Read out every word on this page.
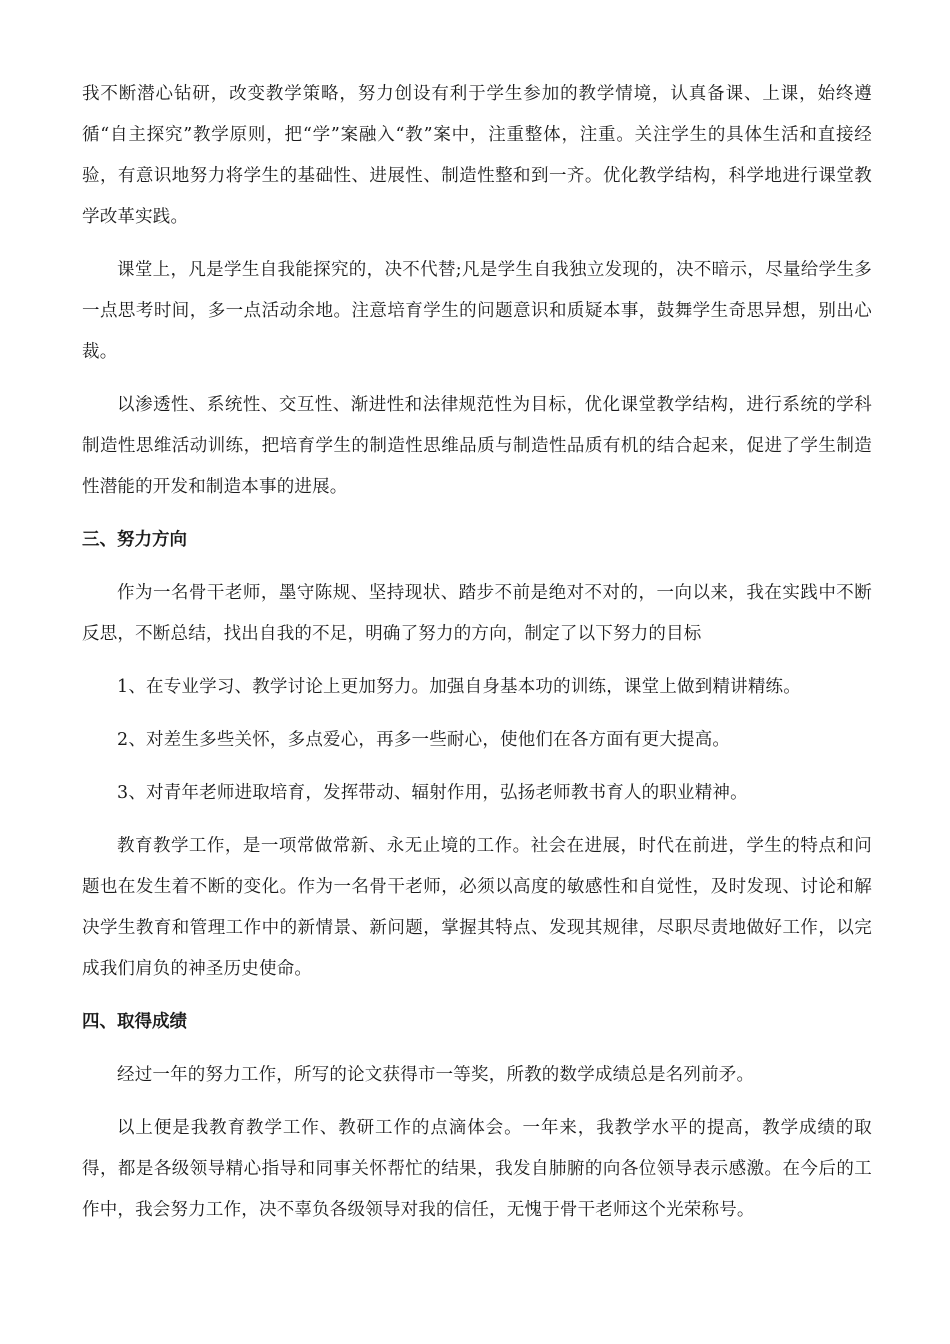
我不断潜心钻研，改变教学策略，努力创设有利于学生参加的教学情境，认真备课、上课，始终遵循“自主探究”教学原则，把“学”案融入“教”案中，注重整体，注重。关注学生的具体生活和直接经验，有意识地努力将学生的基础性、进展性、制造性整和到一齐。优化教学结构，科学地进行课堂教学改革实践。

课堂上，凡是学生自我能探究的，决不代替;凡是学生自我独立发现的，决不暗示，尽量给学生多一点思考时间，多一点活动余地。注意培育学生的问题意识和质疑本事，鼓舞学生奇思异想，别出心裁。

以渗透性、系统性、交互性、渐进性和法律规范性为目标，优化课堂教学结构，进行系统的学科制造性思维活动训练，把培育学生的制造性思维品质与制造性品质有机的结合起来，促进了学生制造性潜能的开发和制造本事的进展。

三、努力方向

作为一名骨干老师，墨守陈规、坚持现状、踏步不前是绝对不对的，一向以来，我在实践中不断反思，不断总结，找出自我的不足，明确了努力的方向，制定了以下努力的目标

1、在专业学习、教学讨论上更加努力。加强自身基本功的训练，课堂上做到精讲精练。

2、对差生多些关怀，多点爱心，再多一些耐心，使他们在各方面有更大提高。

3、对青年老师进取培育，发挥带动、辐射作用，弘扬老师教书育人的职业精神。

教育教学工作，是一项常做常新、永无止境的工作。社会在进展，时代在前进，学生的特点和问题也在发生着不断的变化。作为一名骨干老师，必须以高度的敏感性和自觉性，及时发现、讨论和解决学生教育和管理工作中的新情景、新问题，掌握其特点、发现其规律，尽职尽责地做好工作，以完成我们肩负的神圣历史使命。

四、取得成绩

经过一年的努力工作，所写的论文获得市一等奖，所教的数学成绩总是名列前矛。

以上便是我教育教学工作、教研工作的点滴体会。一年来，我教学水平的提高，教学成绩的取得，都是各级领导精心指导和同事关怀帮忙的结果，我发自肺腑的向各位领导表示感激。在今后的工作中，我会努力工作，决不辜负各级领导对我的信任，无愧于骨干老师这个光荣称号。
